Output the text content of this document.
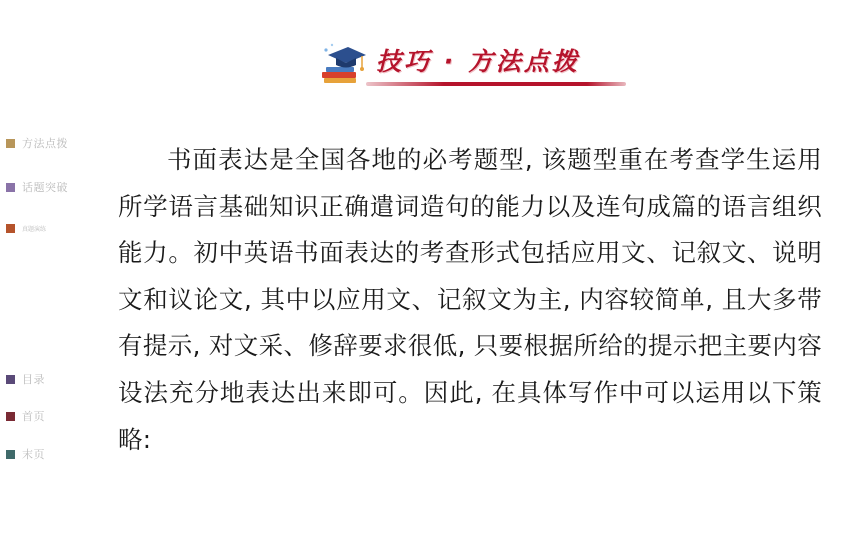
技巧 · 方法点拨
方法点拨
话题突破
真题演练
目录
首页
末页

书面表达是全国各地的必考题型, 该题型重在考查学生运用所学语言基础知识正确遣词造句的能力以及连句成篇的语言组织能力。初中英语书面表达的考查形式包括应用文、记叙文、说明文和议论文, 其中以应用文、记叙文为主, 内容较简单, 且大多带有提示, 对文采、修辞要求很低, 只要根据所给的提示把主要内容设法充分地表达出来即可。因此, 在具体写作中可以运用以下策略:
